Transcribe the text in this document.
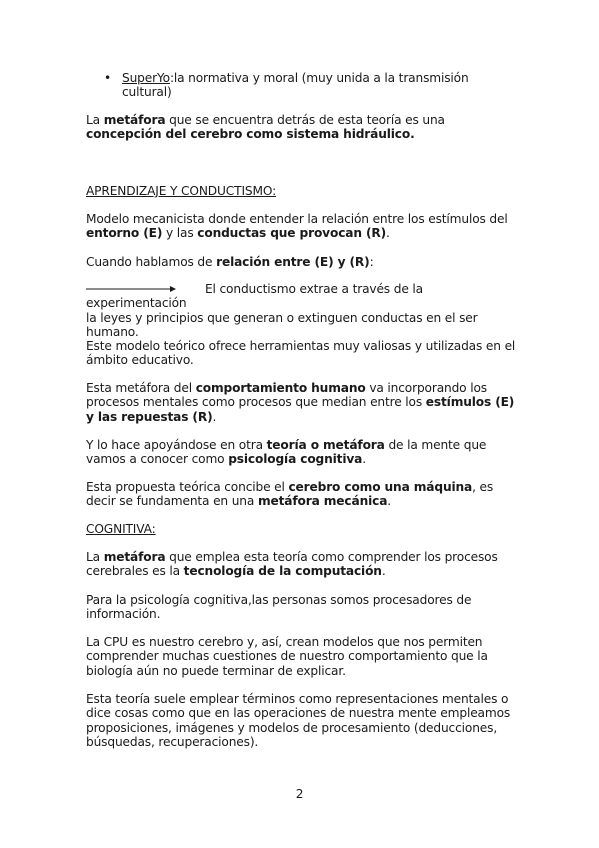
• SuperYo:la normativa y moral (muy unida a la transmisión cultural)

La metáfora que se encuentra detrás de esta teoría es una concepción del cerebro como sistema hidráulico.

APRENDIZAJE Y CONDUCTISMO:

Modelo mecanicista donde entender la relación entre los estímulos del entorno (E) y las conductas que provocan (R).

Cuando hablamos de relación entre (E) y (R):

El conductismo extrae a través de la experimentación
la leyes y principios que generan o extinguen conductas en el ser humano.

Este modelo teórico ofrece herramientas muy valiosas y utilizadas en el ámbito educativo.

Esta metáfora del comportamiento humano va incorporando los procesos mentales como procesos que median entre los estímulos (E) y las repuestas (R).

Y lo hace apoyándose en otra teoría o metáfora de la mente que vamos a conocer como psicología cognitiva.

Esta propuesta teórica concibe el cerebro como una máquina, es decir se fundamenta en una metáfora mecánica.

COGNITIVA:

La metáfora que emplea esta teoría como comprender los procesos cerebrales es la tecnología de la computación.

Para la psicología cognitiva,las personas somos procesadores de información.

La CPU es nuestro cerebro y, así, crean modelos que nos permiten comprender muchas cuestiones de nuestro comportamiento que la biología aún no puede terminar de explicar.

Esta teoría suele emplear términos como representaciones mentales o dice cosas como que en las operaciones de nuestra mente empleamos proposiciones, imágenes y modelos de procesamiento (deducciones, búsquedas, recuperaciones).

2
